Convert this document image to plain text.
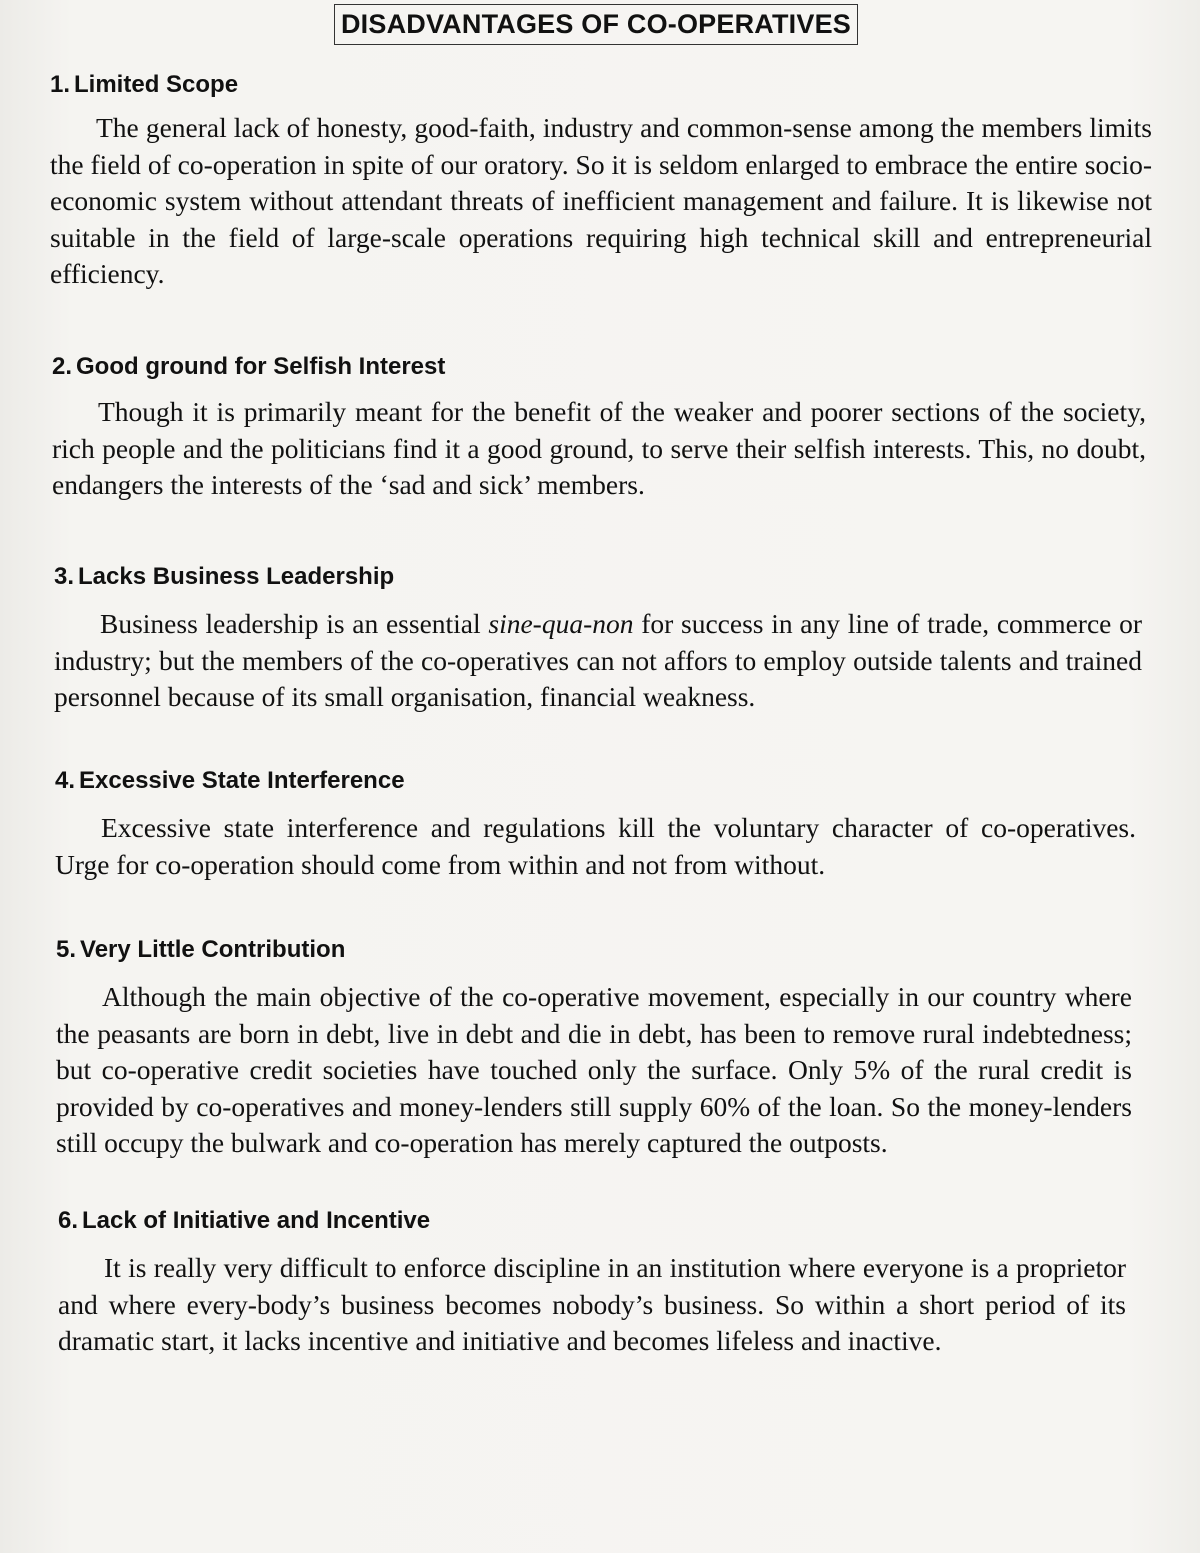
DISADVANTAGES OF CO-OPERATIVES

1. Limited Scope

The general lack of honesty, good-faith, industry and common-sense among the members limits the field of co-operation in spite of our oratory. So it is seldom enlarged to embrace the entire socio-economic system without attendant threats of inefficient management and failure. It is likewise not suitable in the field of large-scale operations requiring high technical skill and entrepreneurial efficiency.

2. Good ground for Selfish Interest

Though it is primarily meant for the benefit of the weaker and poorer sections of the society, rich people and the politicians find it a good ground, to serve their selfish interests. This, no doubt, endangers the interests of the ‘sad and sick’ members.

3. Lacks Business Leadership

Business leadership is an essential sine-qua-non for success in any line of trade, commerce or industry; but the members of the co-operatives can not affors to employ outside talents and trained personnel because of its small organisation, financial weakness.

4. Excessive State Interference

Excessive state interference and regulations kill the voluntary character of co-operatives. Urge for co-operation should come from within and not from without.

5. Very Little Contribution

Although the main objective of the co-operative movement, especially in our country where the peasants are born in debt, live in debt and die in debt, has been to remove rural indebtedness; but co-operative credit societies have touched only the surface. Only 5% of the rural credit is provided by co-operatives and money-lenders still supply 60% of the loan. So the money-lenders still occupy the bulwark and co-operation has merely captured the outposts.

6. Lack of Initiative and Incentive

It is really very difficult to enforce discipline in an institution where everyone is a proprietor and where every-body’s business becomes nobody’s business. So within a short period of its dramatic start, it lacks incentive and initiative and becomes lifeless and inactive.
